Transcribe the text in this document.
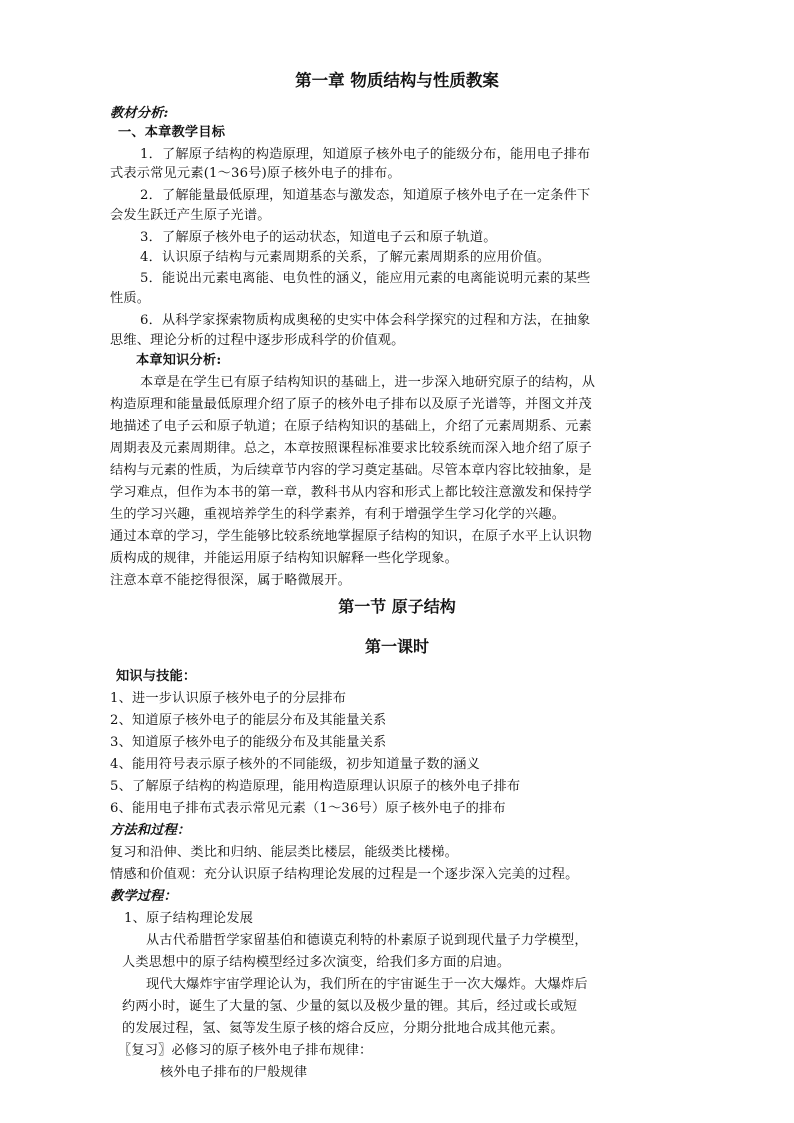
第一章 物质结构与性质教案
教材分析:
一、本章教学目标
1．了解原子结构的构造原理，知道原子核外电子的能级分布，能用电子排布
式表示常见元素(1～36号)原子核外电子的排布。
2．了解能量最低原理，知道基态与激发态，知道原子核外电子在一定条件下
会发生跃迁产生原子光谱。
3．了解原子核外电子的运动状态，知道电子云和原子轨道。
4．认识原子结构与元素周期系的关系，了解元素周期系的应用价值。
5．能说出元素电离能、电负性的涵义，能应用元素的电离能说明元素的某些
性质。
6．从科学家探索物质构成奥秘的史实中体会科学探究的过程和方法，在抽象
思维、理论分析的过程中逐步形成科学的价值观。
本章知识分析:
本章是在学生已有原子结构知识的基础上，进一步深入地研究原子的结构，从
构造原理和能量最低原理介绍了原子的核外电子排布以及原子光谱等，并图文并茂
地描述了电子云和原子轨道；在原子结构知识的基础上，介绍了元素周期系、元素
周期表及元素周期律。总之，本章按照课程标准要求比较系统而深入地介绍了原子
结构与元素的性质，为后续章节内容的学习奠定基础。尽管本章内容比较抽象，是
学习难点，但作为本书的第一章，教科书从内容和形式上都比较注意激发和保持学
生的学习兴趣，重视培养学生的科学素养，有利于增强学生学习化学的兴趣。
通过本章的学习，学生能够比较系统地掌握原子结构的知识，在原子水平上认识物
质构成的规律，并能运用原子结构知识解释一些化学现象。
注意本章不能挖得很深，属于略微展开。
第一节 原子结构
第一课时
知识与技能：
1、进一步认识原子核外电子的分层排布
2、知道原子核外电子的能层分布及其能量关系
3、知道原子核外电子的能级分布及其能量关系
4、能用符号表示原子核外的不同能级，初步知道量子数的涵义
5、了解原子结构的构造原理，能用构造原理认识原子的核外电子排布
6、能用电子排布式表示常见元素（1～36号）原子核外电子的排布
方法和过程：
复习和沿伸、类比和归纳、能层类比楼层，能级类比楼梯。
情感和价值观：充分认识原子结构理论发展的过程是一个逐步深入完美的过程。
教学过程：
1、原子结构理论发展
从古代希腊哲学家留基伯和德谟克利特的朴素原子说到现代量子力学模型，
人类思想中的原子结构模型经过多次演变，给我们多方面的启迪。
现代大爆炸宇宙学理论认为，我们所在的宇宙诞生于一次大爆炸。大爆炸后
约两小时，诞生了大量的氢、少量的氦以及极少量的锂。其后，经过或长或短
的发展过程，氢、氦等发生原子核的熔合反应，分期分批地合成其他元素。
〖复习〗必修习的原子核外电子排布规律：
核外电子排布的尸般规律
